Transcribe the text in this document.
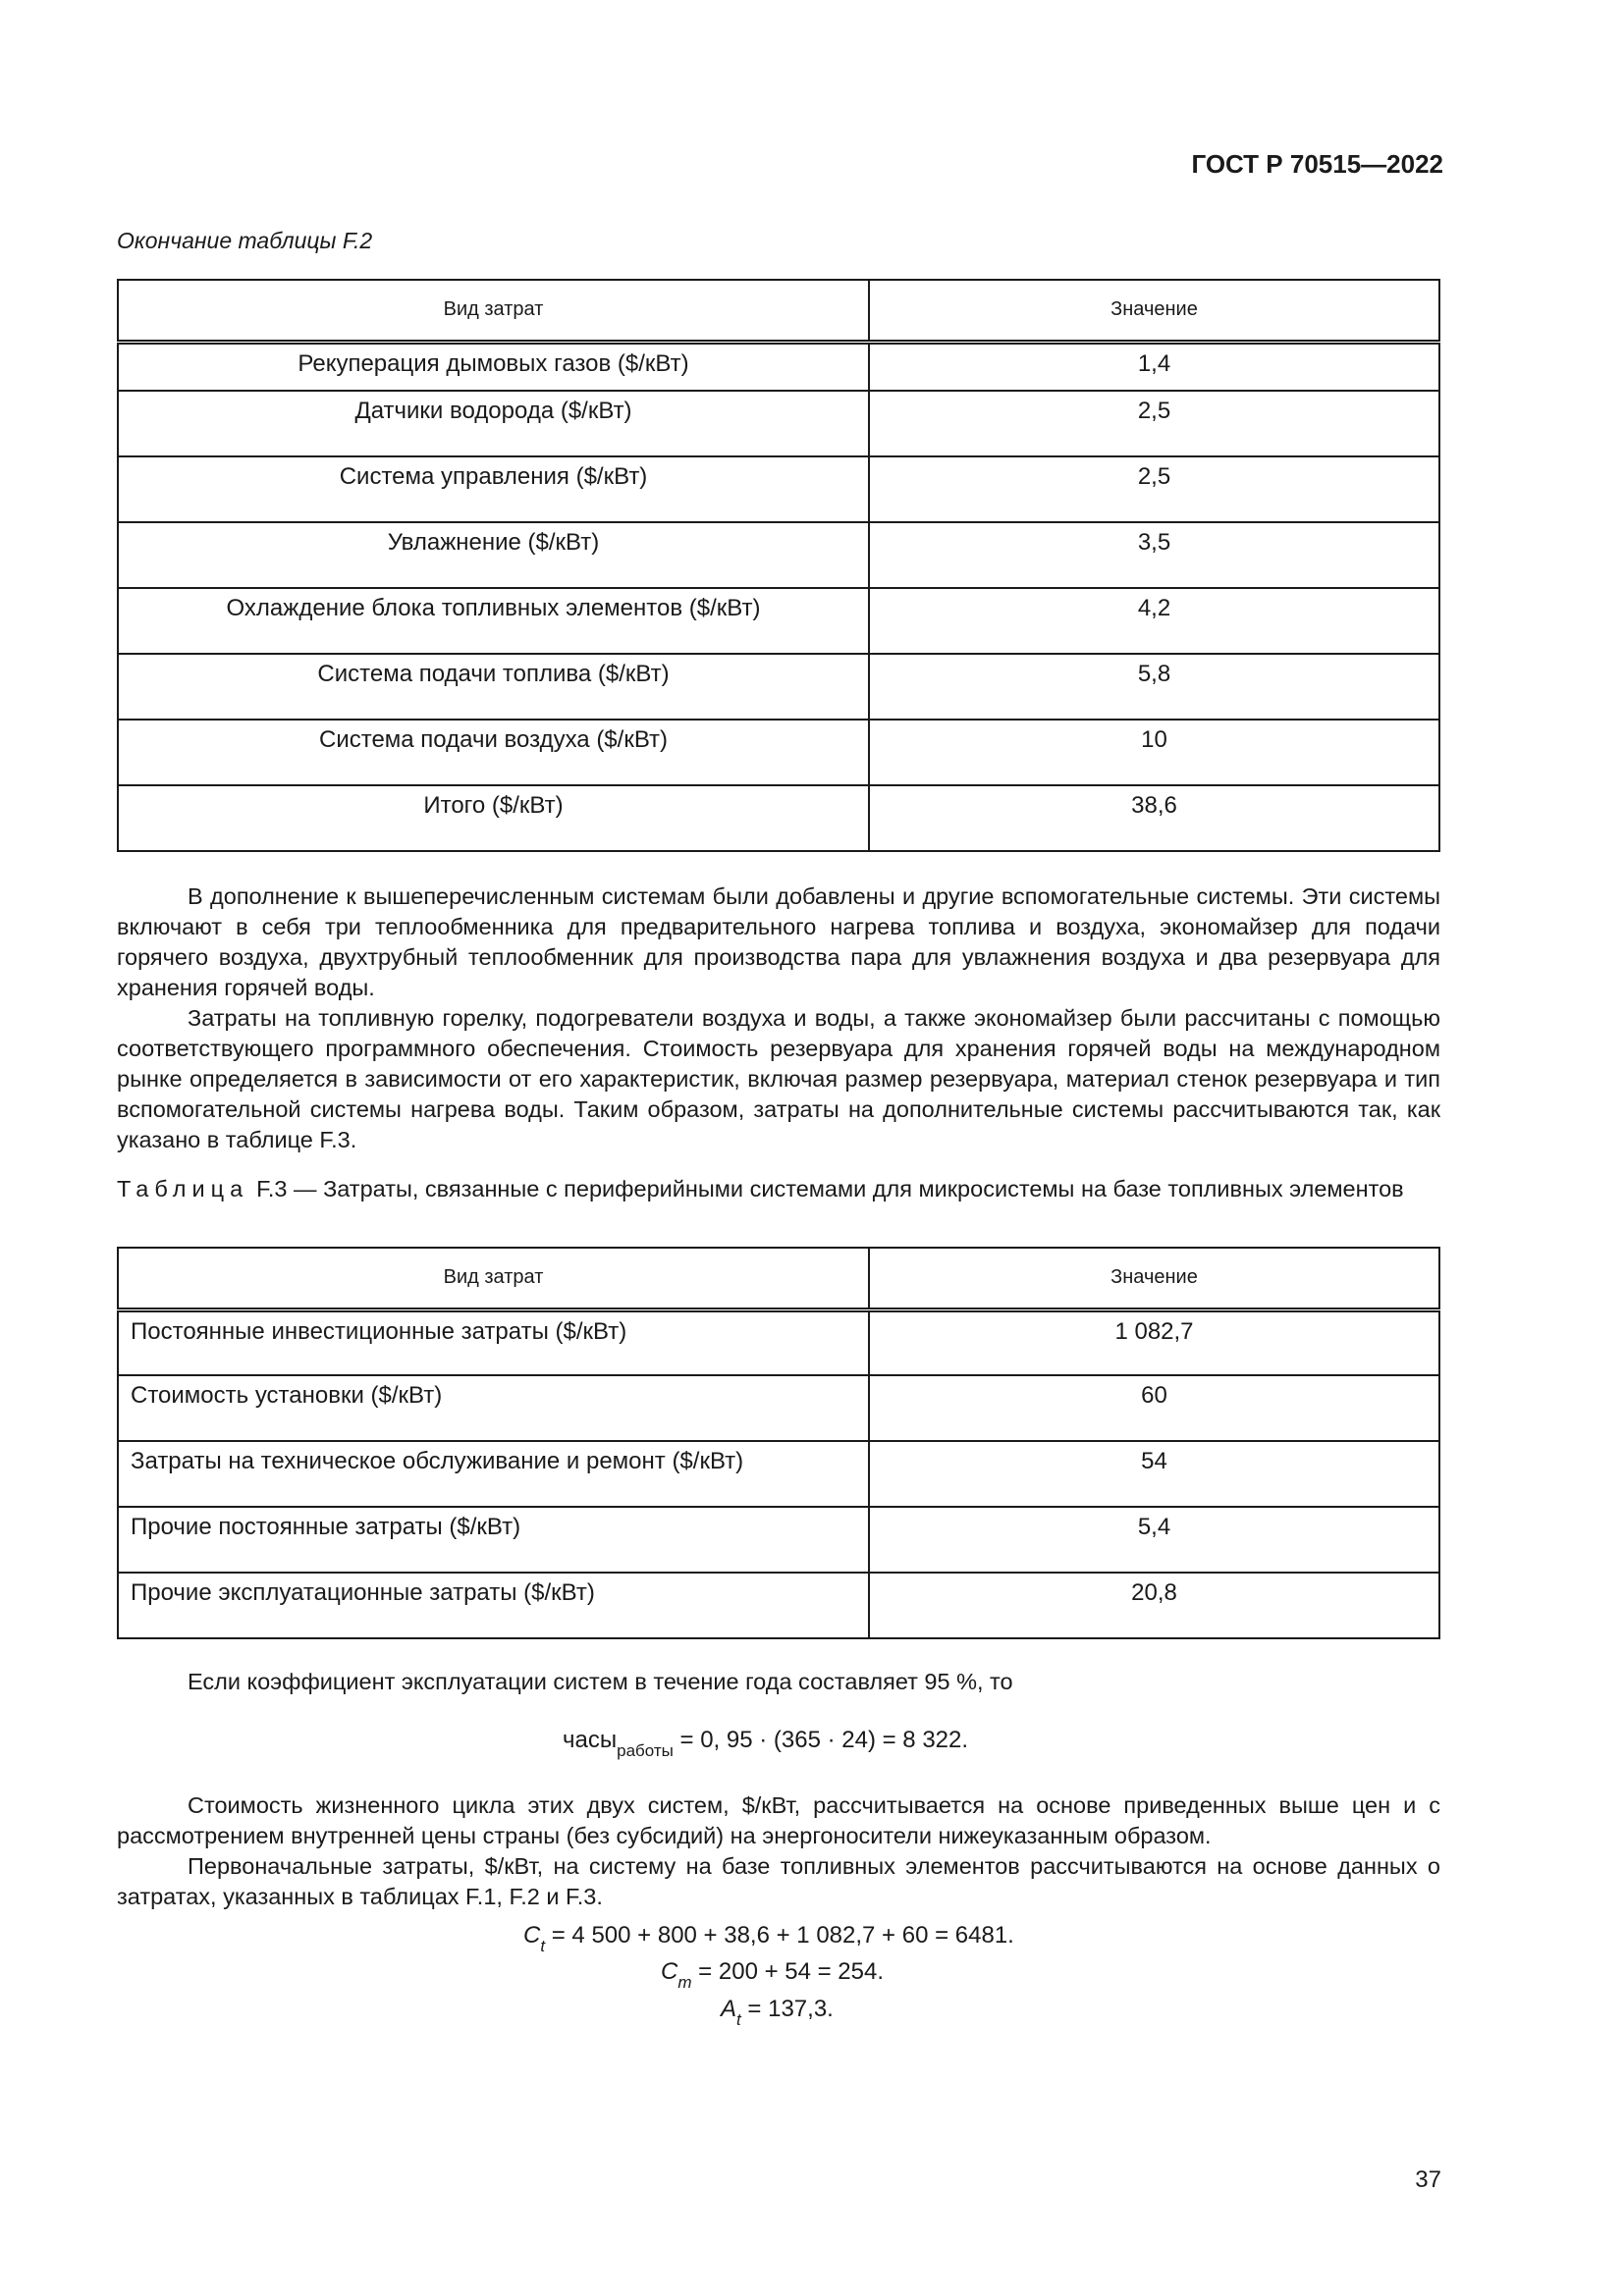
ГОСТ Р 70515—2022
Окончание таблицы F.2
Вид затрат	Значение

Рекуперация дымовых газов ($/кВт)	1,4

Датчики водорода ($/кВт)	2,5

Система управления ($/кВт)	2,5

Увлажнение ($/кВт)	3,5

Охлаждение блока топливных элементов ($/кВт)	4,2

Система подачи топлива ($/кВт)	5,8

Система подачи воздуха ($/кВт)	10

Итого ($/кВт)	38,6

В дополнение к вышеперечисленным системам были добавлены и другие вспомогательные системы. Эти системы включают в себя три теплообменника для предварительного нагрева топлива и воздуха, экономайзер для подачи горячего воздуха, двухтрубный теплообменник для производства пара для увлажнения воздуха и два резервуара для хранения горячей воды.

Затраты на топливную горелку, подогреватели воздуха и воды, а также экономайзер были рассчитаны с помощью соответствующего программного обеспечения. Стоимость резервуара для хранения горячей воды на международном рынке определяется в зависимости от его характеристик, включая размер резервуара, материал стенок резервуара и тип вспомогательной системы нагрева воды. Таким образом, затраты на дополнительные системы рассчитываются так, как указано в таблице F.3.

Таблица F.3 — Затраты, связанные с периферийными системами для микросистемы на базе топливных элементов
Вид затрат	Значение

Постоянные инвестиционные затраты ($/кВт)	1 082,7

Стоимость установки ($/кВт)	60

Затраты на техническое обслуживание и ремонт ($/кВт)	54

Прочие постоянные затраты ($/кВт)	5,4

Прочие эксплуатационные затраты ($/кВт)	20,8

Если коэффициент эксплуатации систем в течение года составляет 95 %, то

часы$_{работы}$ = 0, 95 · (365 · 24) = 8 322.

Стоимость жизненного цикла этих двух систем, $/кВт, рассчитывается на основе приведенных выше цен и с рассмотрением внутренней цены страны (без субсидий) на энергоносители нижеуказанным образом.

Первоначальные затраты, $/кВт, на систему на базе топливных элементов рассчитываются на основе данных о затратах, указанных в таблицах F.1, F.2 и F.3.

$C_t = 4$ 500 + 800 + 38,6 + 1 082,7 + 60 = 6481.
$C_m = 200 + 54 = 254$.
$A_t = 137,3$.
37
